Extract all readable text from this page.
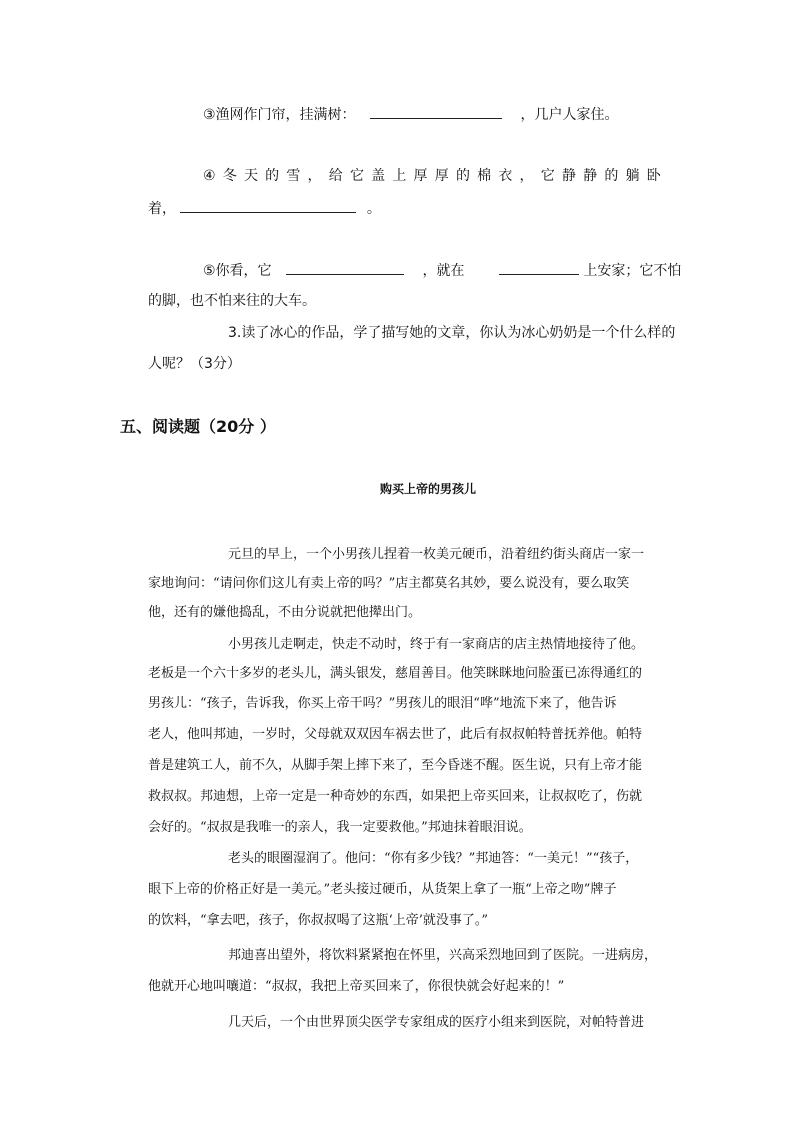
③渔网作门帘，挂满树：	，几户人家住。
④冬天的雪，给它盖上厚厚的棉衣，它静静的躺卧
着，	。
⑤你看，它	，就在	上安家；它不怕
的脚，也不怕来往的大车。
3.读了冰心的作品，学了描写她的文章，你认为冰心奶奶是一个什么样的
人呢？（3分）
五、阅读题（20分 ）
购买上帝的男孩儿
元旦的早上，一个小男孩儿捏着一枚美元硬币，沿着纽约街头商店一家一
家地询问：“请问你们这儿有卖上帝的吗？”店主都莫名其妙，要么说没有，要么取笑
他，还有的嫌他捣乱，不由分说就把他撵出门。
小男孩儿走啊走，快走不动时，终于有一家商店的店主热情地接待了他。
老板是一个六十多岁的老头儿，满头银发，慈眉善目。他笑眯眯地问脸蛋已冻得通红的
男孩儿：“孩子，告诉我，你买上帝干吗？”男孩儿的眼泪“哗”地流下来了，他告诉
老人，他叫邦迪，一岁时，父母就双双因车祸去世了，此后有叔叔帕特普抚养他。帕特
普是建筑工人，前不久，从脚手架上摔下来了，至今昏迷不醒。医生说，只有上帝才能
救叔叔。邦迪想，上帝一定是一种奇妙的东西，如果把上帝买回来，让叔叔吃了，伤就
会好的。“叔叔是我唯一的亲人，我一定要救他。”邦迪抹着眼泪说。
老头的眼圈湿润了。他问：“你有多少钱？”邦迪答：“一美元！”“孩子，
眼下上帝的价格正好是一美元。”老头接过硬币，从货架上拿了一瓶“上帝之吻”牌子
的饮料，“拿去吧，孩子，你叔叔喝了这瓶‘上帝’就没事了。”
邦迪喜出望外，将饮料紧紧抱在怀里，兴高采烈地回到了医院。一进病房，
他就开心地叫嚷道：“叔叔，我把上帝买回来了，你很快就会好起来的！”
几天后，一个由世界顶尖医学专家组成的医疗小组来到医院，对帕特普进
